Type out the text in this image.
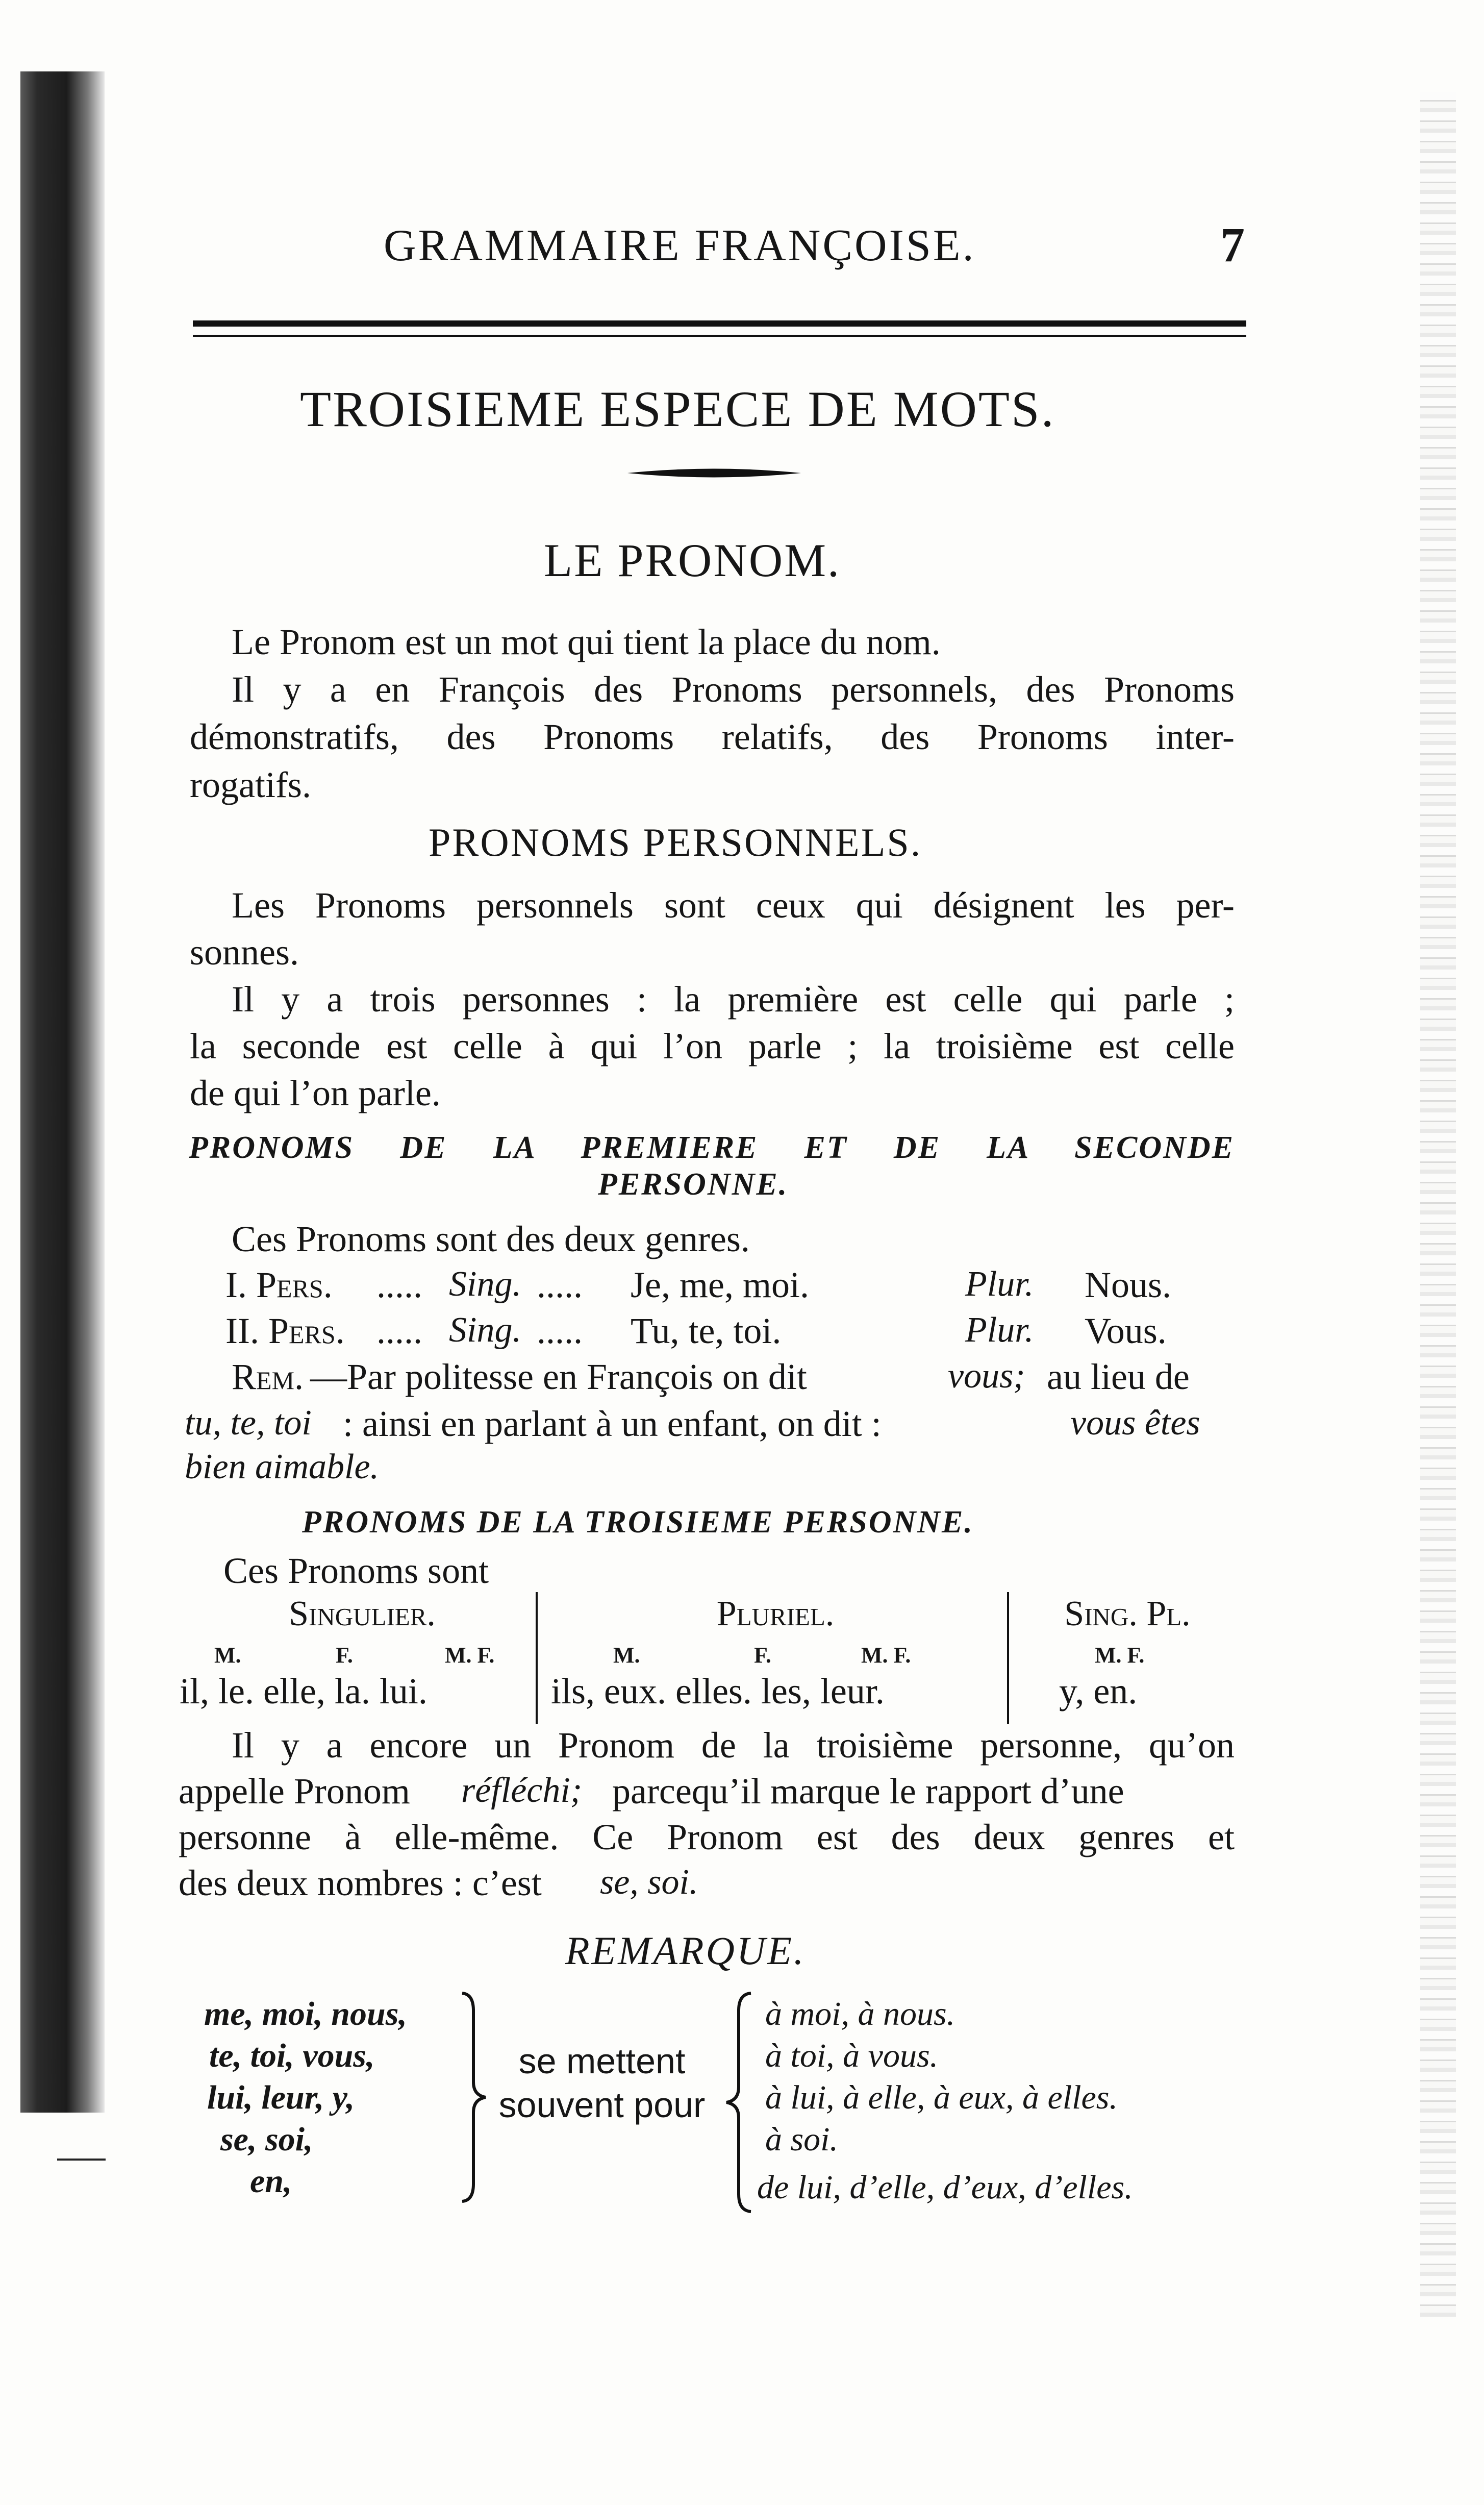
GRAMMAIRE FRANÇOISE.	7
TROISIEME ESPECE DE MOTS.
LE PRONOM.
Le Pronom est un mot qui tient la place du nom.
Il y a en François des Pronoms personnels, des Pronoms
démonstratifs, des Pronoms relatifs, des Pronoms inter-
rogatifs.
PRONOMS PERSONNELS.
Les Pronoms personnels sont ceux qui désignent les per-
sonnes.
Il y a trois personnes : la première est celle qui parle ;
la seconde est celle à qui l’on parle ; la troisième est celle
de qui l’on parle.
PRONOMS DE LA PREMIERE ET DE LA SECONDE
PERSONNE.
Ces Pronoms sont des deux genres.
I. Pers. ..... Sing. ..... Je, me, moi.	Plur. Nous.
II. Pers. ..... Sing. ..... Tu, te, toi.	Plur. Vous.
Rem. —Par politesse en François on dit	vous; au lieu de
tu, te, toi : ainsi en parlant à un enfant, on dit :	vous êtes
bien aimable.
PRONOMS DE LA TROISIEME PERSONNE.
Ces Pronoms sont
Singulier.	Pluriel.	Sing. Pl.
M.	F.	M. F.	M.	F.	M. F.	M. F.
il, le. elle, la. lui.	ils, eux. elles. les, leur.	y, en.
Il y a encore un Pronom de la troisième personne, qu’on
appelle Pronom réfléchi; parcequ’il marque le rapport d’une
personne à elle-même. Ce Pronom est des deux genres et
des deux nombres : c’est se, soi.
REMARQUE.
me, moi, nous,
te, toi, vous,
lui, leur, y,
se, soi,
en,
se mettent
souvent pour
à moi, à nous.
à toi, à vous.
à lui, à elle, à eux, à elles.
à soi.
de lui, d’elle, d’eux, d’elles.
